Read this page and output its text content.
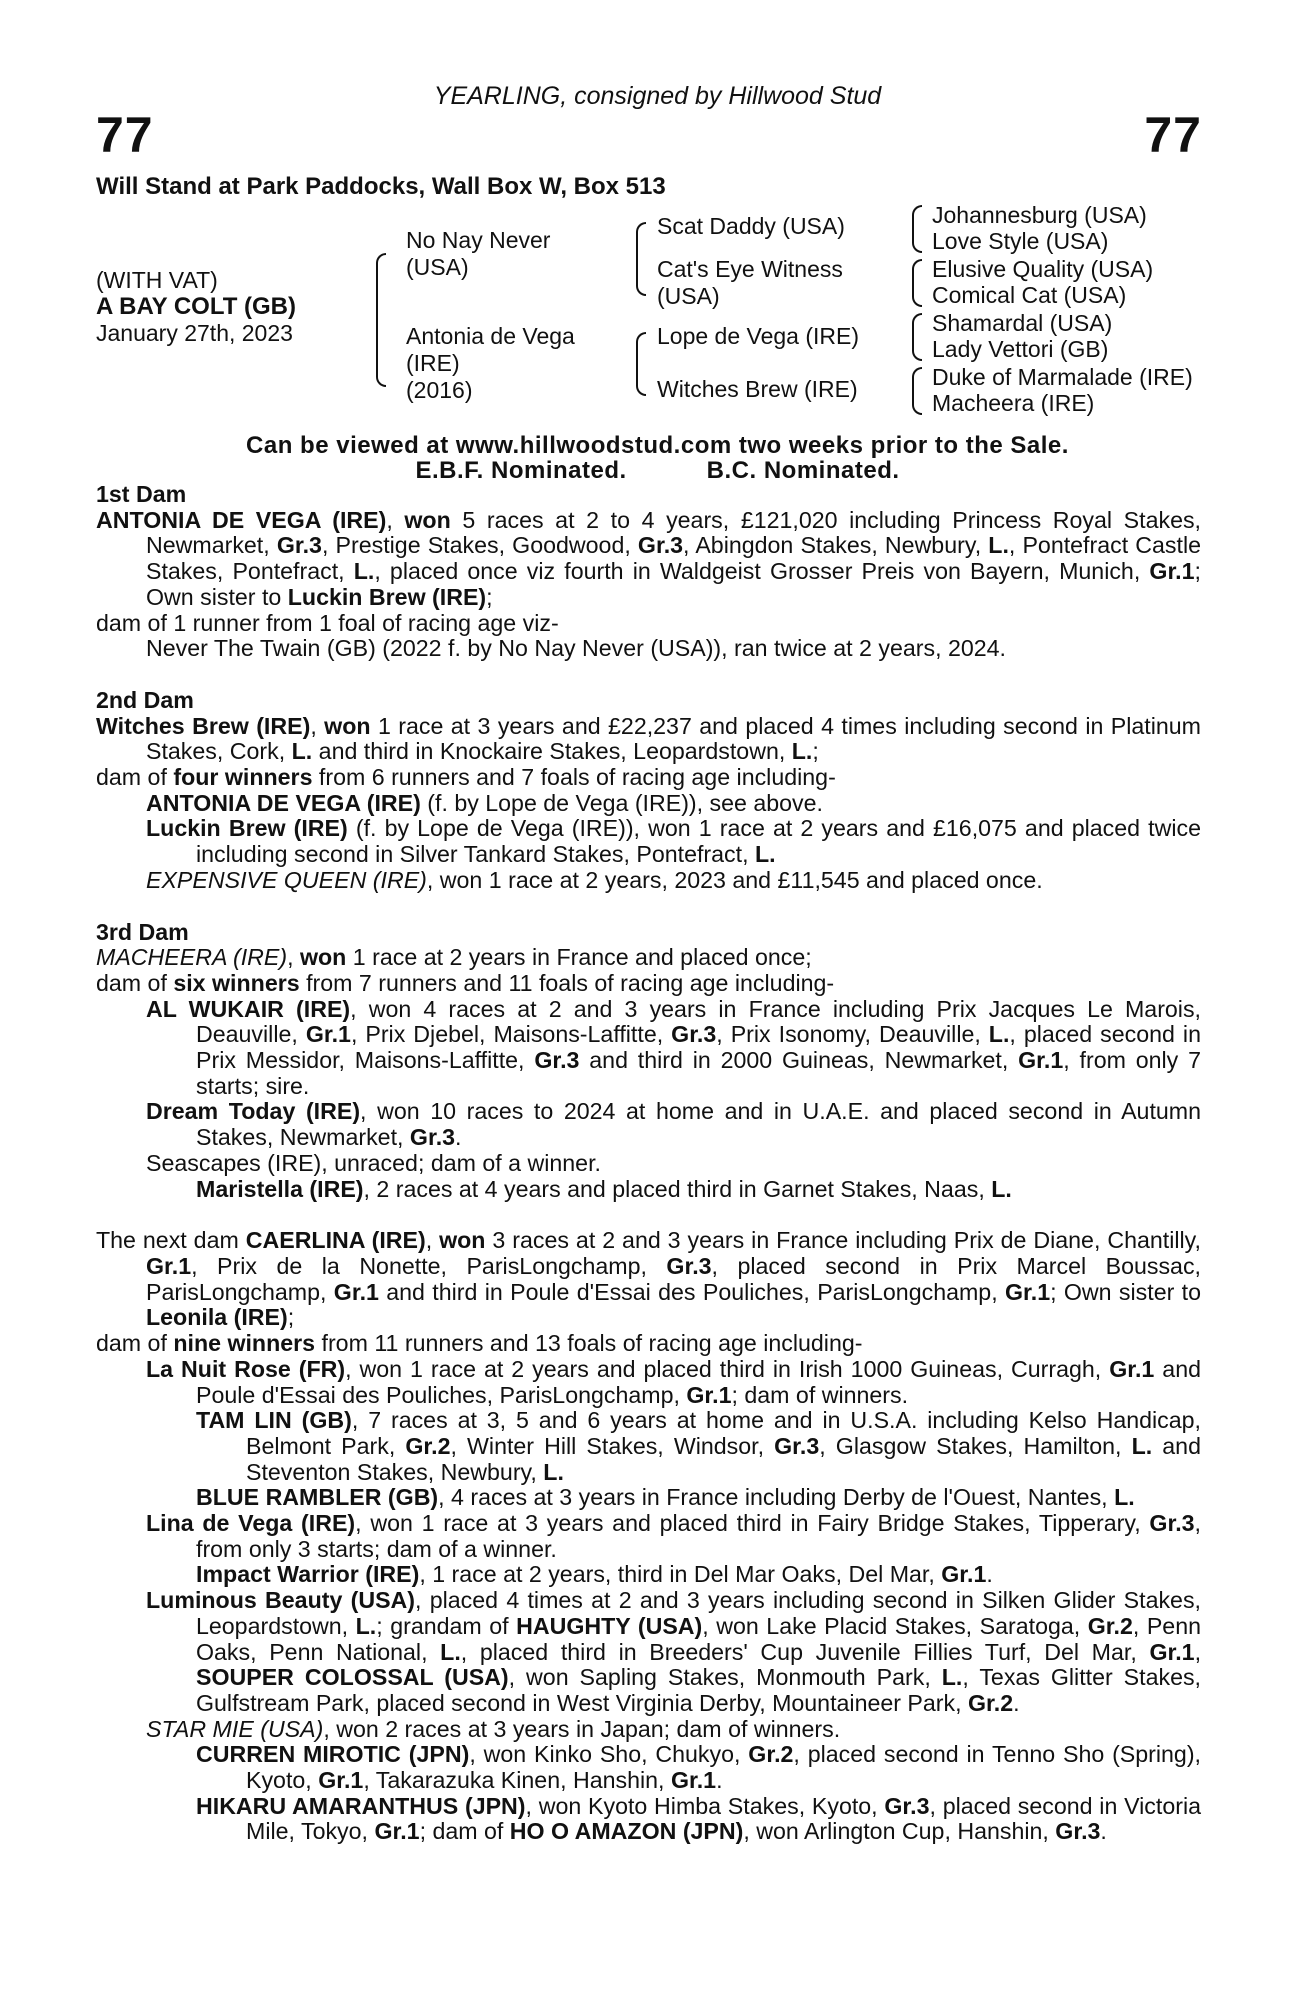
YEARLING, consigned by Hillwood Stud
77	77
Will Stand at Park Paddocks, Wall Box W, Box 513
(WITH VAT)
A BAY COLT (GB)
January 27th, 2023
No Nay Never
(USA)
Antonia de Vega
(IRE)
(2016)
Scat Daddy (USA)
Cat's Eye Witness
(USA)
Lope de Vega (IRE)
Witches Brew (IRE)
Johannesburg (USA)
Love Style (USA)
Elusive Quality (USA)
Comical Cat (USA)
Shamardal (USA)
Lady Vettori (GB)
Duke of Marmalade (IRE)
Macheera (IRE)
Can be viewed at www.hillwoodstud.com two weeks prior to the Sale.
E.B.F. Nominated.	B.C. Nominated.

1st Dam

ANTONIA DE VEGA (IRE), won 5 races at 2 to 4 years, £121,020 including Princess Royal Stakes, Newmarket, Gr.3, Prestige Stakes, Goodwood, Gr.3, Abingdon Stakes, Newbury, L., Pontefract Castle Stakes, Pontefract, L., placed once viz fourth in Waldgeist Grosser Preis von Bayern, Munich, Gr.1; Own sister to Luckin Brew (IRE);

dam of 1 runner from 1 foal of racing age viz-

Never The Twain (GB) (2022 f. by No Nay Never (USA)), ran twice at 2 years, 2024.

2nd Dam

Witches Brew (IRE), won 1 race at 3 years and £22,237 and placed 4 times including second in Platinum Stakes, Cork, L. and third in Knockaire Stakes, Leopardstown, L.;

dam of four winners from 6 runners and 7 foals of racing age including-

ANTONIA DE VEGA (IRE) (f. by Lope de Vega (IRE)), see above.

Luckin Brew (IRE) (f. by Lope de Vega (IRE)), won 1 race at 2 years and £16,075 and placed twice including second in Silver Tankard Stakes, Pontefract, L.

EXPENSIVE QUEEN (IRE), won 1 race at 2 years, 2023 and £11,545 and placed once.

3rd Dam

MACHEERA (IRE), won 1 race at 2 years in France and placed once;

dam of six winners from 7 runners and 11 foals of racing age including-

AL WUKAIR (IRE), won 4 races at 2 and 3 years in France including Prix Jacques Le Marois, Deauville, Gr.1, Prix Djebel, Maisons-Laffitte, Gr.3, Prix Isonomy, Deauville, L., placed second in Prix Messidor, Maisons-Laffitte, Gr.3 and third in 2000 Guineas, Newmarket, Gr.1, from only 7 starts; sire.

Dream Today (IRE), won 10 races to 2024 at home and in U.A.E. and placed second in Autumn Stakes, Newmarket, Gr.3.

Seascapes (IRE), unraced; dam of a winner.

Maristella (IRE), 2 races at 4 years and placed third in Garnet Stakes, Naas, L.

The next dam CAERLINA (IRE), won 3 races at 2 and 3 years in France including Prix de Diane, Chantilly, Gr.1, Prix de la Nonette, ParisLongchamp, Gr.3, placed second in Prix Marcel Boussac, ParisLongchamp, Gr.1 and third in Poule d'Essai des Pouliches, ParisLongchamp, Gr.1; Own sister to Leonila (IRE);

dam of nine winners from 11 runners and 13 foals of racing age including-

La Nuit Rose (FR), won 1 race at 2 years and placed third in Irish 1000 Guineas, Curragh, Gr.1 and Poule d'Essai des Pouliches, ParisLongchamp, Gr.1; dam of winners.

TAM LIN (GB), 7 races at 3, 5 and 6 years at home and in U.S.A. including Kelso Handicap, Belmont Park, Gr.2, Winter Hill Stakes, Windsor, Gr.3, Glasgow Stakes, Hamilton, L. and Steventon Stakes, Newbury, L.

BLUE RAMBLER (GB), 4 races at 3 years in France including Derby de l'Ouest, Nantes, L.

Lina de Vega (IRE), won 1 race at 3 years and placed third in Fairy Bridge Stakes, Tipperary, Gr.3, from only 3 starts; dam of a winner.

Impact Warrior (IRE), 1 race at 2 years, third in Del Mar Oaks, Del Mar, Gr.1.

Luminous Beauty (USA), placed 4 times at 2 and 3 years including second in Silken Glider Stakes, Leopardstown, L.; grandam of HAUGHTY (USA), won Lake Placid Stakes, Saratoga, Gr.2, Penn Oaks, Penn National, L., placed third in Breeders' Cup Juvenile Fillies Turf, Del Mar, Gr.1, SOUPER COLOSSAL (USA), won Sapling Stakes, Monmouth Park, L., Texas Glitter Stakes, Gulfstream Park, placed second in West Virginia Derby, Mountaineer Park, Gr.2.

STAR MIE (USA), won 2 races at 3 years in Japan; dam of winners.

CURREN MIROTIC (JPN), won Kinko Sho, Chukyo, Gr.2, placed second in Tenno Sho (Spring), Kyoto, Gr.1, Takarazuka Kinen, Hanshin, Gr.1.

HIKARU AMARANTHUS (JPN), won Kyoto Himba Stakes, Kyoto, Gr.3, placed second in Victoria Mile, Tokyo, Gr.1; dam of HO O AMAZON (JPN), won Arlington Cup, Hanshin, Gr.3.
